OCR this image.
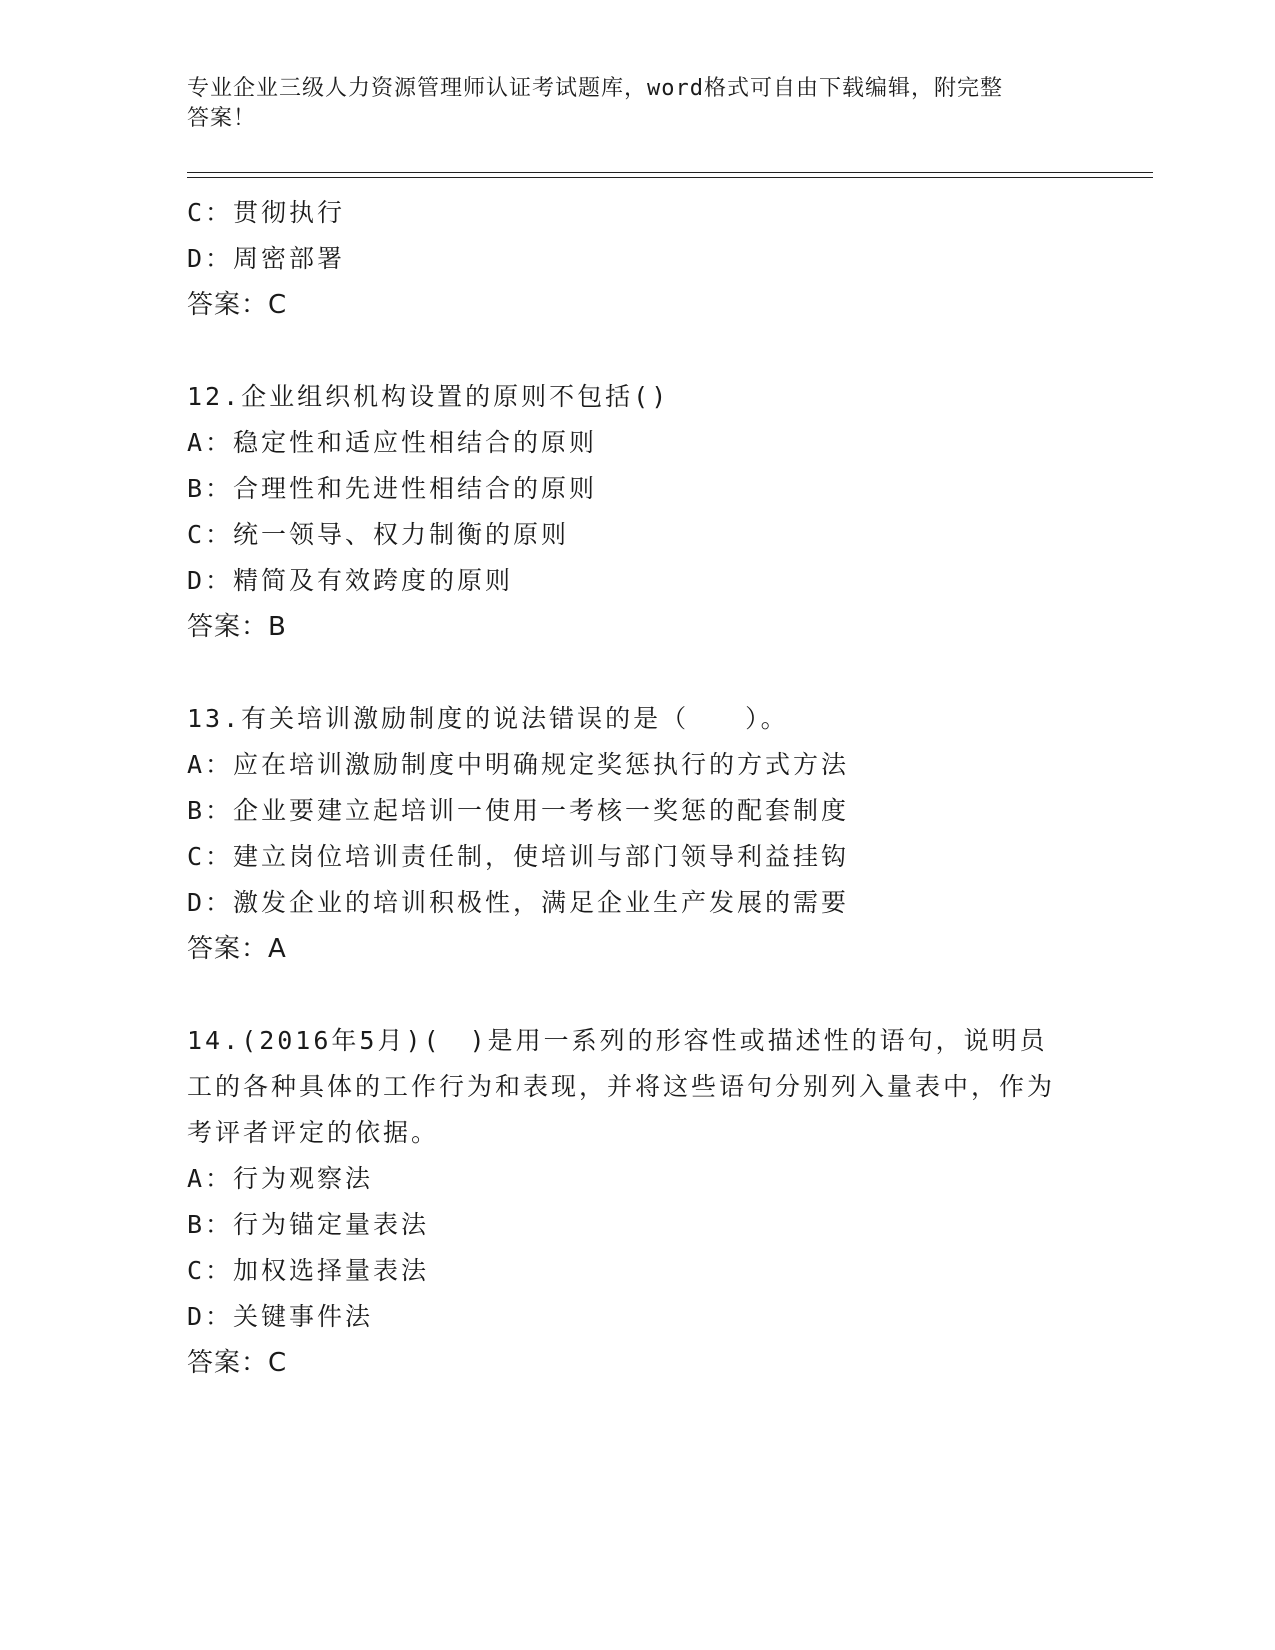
专业企业三级人力资源管理师认证考试题库，word格式可自由下载编辑，附完整
答案！
C：贯彻执行
D：周密部署
答案：C
12.企业组织机构设置的原则不包括()
A：稳定性和适应性相结合的原则
B：合理性和先进性相结合的原则
C：统一领导、权力制衡的原则
D：精简及有效跨度的原则
答案：B
13.有关培训激励制度的说法错误的是（　　）。
A：应在培训激励制度中明确规定奖惩执行的方式方法
B：企业要建立起培训一使用一考核一奖惩的配套制度
C：建立岗位培训责任制，使培训与部门领导利益挂钩
D：激发企业的培训积极性，满足企业生产发展的需要
答案：A
14.(2016年5月)(　)是用一系列的形容性或描述性的语句，说明员工的各种具体的工作行为和表现，并将这些语句分别列入量表中，作为考评者评定的依据。
A：行为观察法
B：行为锚定量表法
C：加权选择量表法
D：关键事件法
答案：C
